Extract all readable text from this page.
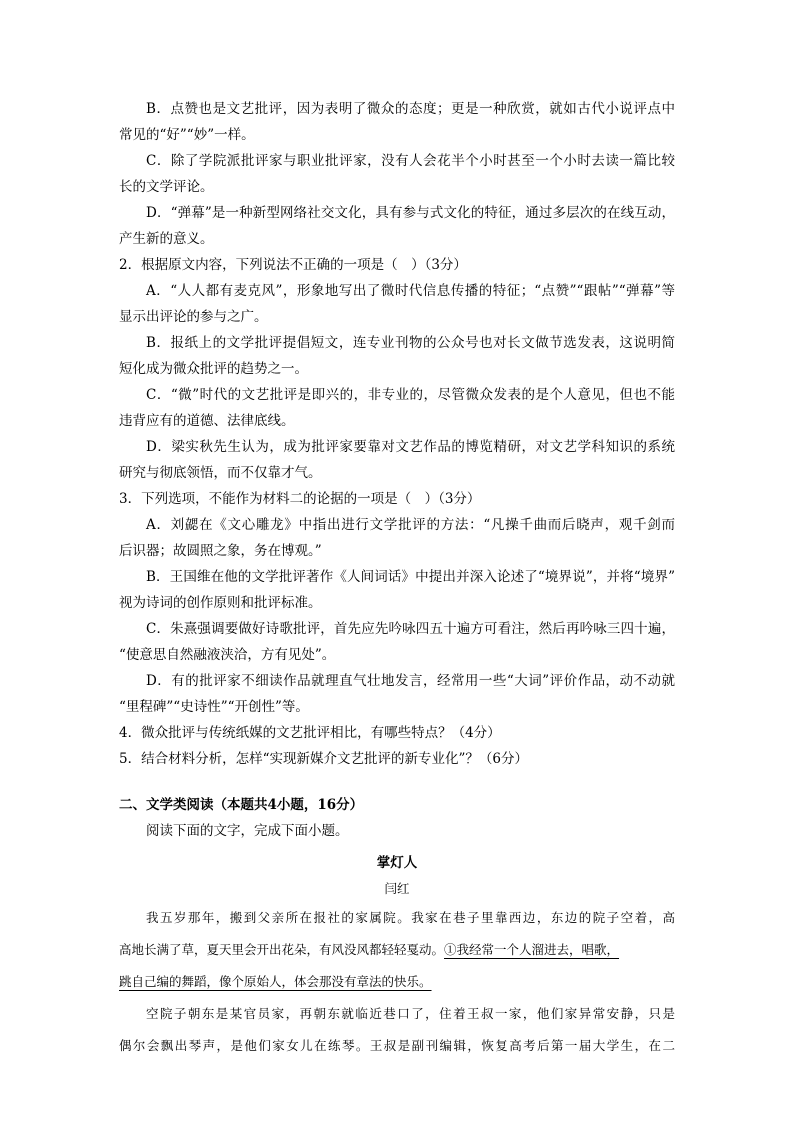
B．点赞也是文艺批评，因为表明了微众的态度；更是一种欣赏，就如古代小说评点中
常见的“好”“妙”一样。
C．除了学院派批评家与职业批评家，没有人会花半个小时甚至一个小时去读一篇比较
长的文学评论。
D．“弹幕”是一种新型网络社交文化，具有参与式文化的特征，通过多层次的在线互动，
产生新的意义。
2．根据原文内容，下列说法不正确的一项是（　）（3分）
A．“人人都有麦克风”，形象地写出了微时代信息传播的特征；“点赞”“跟帖”“弹幕”等
显示出评论的参与之广。
B．报纸上的文学批评提倡短文，连专业刊物的公众号也对长文做节选发表，这说明简
短化成为微众批评的趋势之一。
C．“微”时代的文艺批评是即兴的，非专业的，尽管微众发表的是个人意见，但也不能
违背应有的道德、法律底线。
D．梁实秋先生认为，成为批评家要靠对文艺作品的博览精研，对文艺学科知识的系统
研究与彻底领悟，而不仅靠才气。
3．下列选项，不能作为材料二的论据的一项是（　）（3分）
A．刘勰在《文心雕龙》中指出进行文学批评的方法：“凡操千曲而后晓声，观千剑而
后识器；故圆照之象，务在博观。”
B．王国维在他的文学批评著作《人间词话》中提出并深入论述了“境界说”，并将“境界”
视为诗词的创作原则和批评标准。
C．朱熹强调要做好诗歌批评，首先应先吟咏四五十遍方可看注，然后再吟咏三四十遍，
“使意思自然融液浃洽，方有见处”。
D．有的批评家不细读作品就理直气壮地发言，经常用一些“大词”评价作品，动不动就
“里程碑”“史诗性”“开创性”等。
4．微众批评与传统纸媒的文艺批评相比，有哪些特点？（4分）
5．结合材料分析，怎样“实现新媒介文艺批评的新专业化”？（6分）
二、文学类阅读（本题共4小题，16分）
阅读下面的文字，完成下面小题。
掌灯人
闫红
我五岁那年，搬到父亲所在报社的家属院。我家在巷子里靠西边，东边的院子空着，高
高地长满了草，夏天里会开出花朵，有风没风都轻轻戛动。①我经常一个人溜进去，唱歌，
跳自己编的舞蹈，像个原始人，体会那没有章法的快乐。
空院子朝东是某官员家，再朝东就临近巷口了，住着王叔一家，他们家异常安静，只是
偶尔会飘出琴声，是他们家女儿在练琴。王叔是副刊编辑，恢复高考后第一届大学生，在二
